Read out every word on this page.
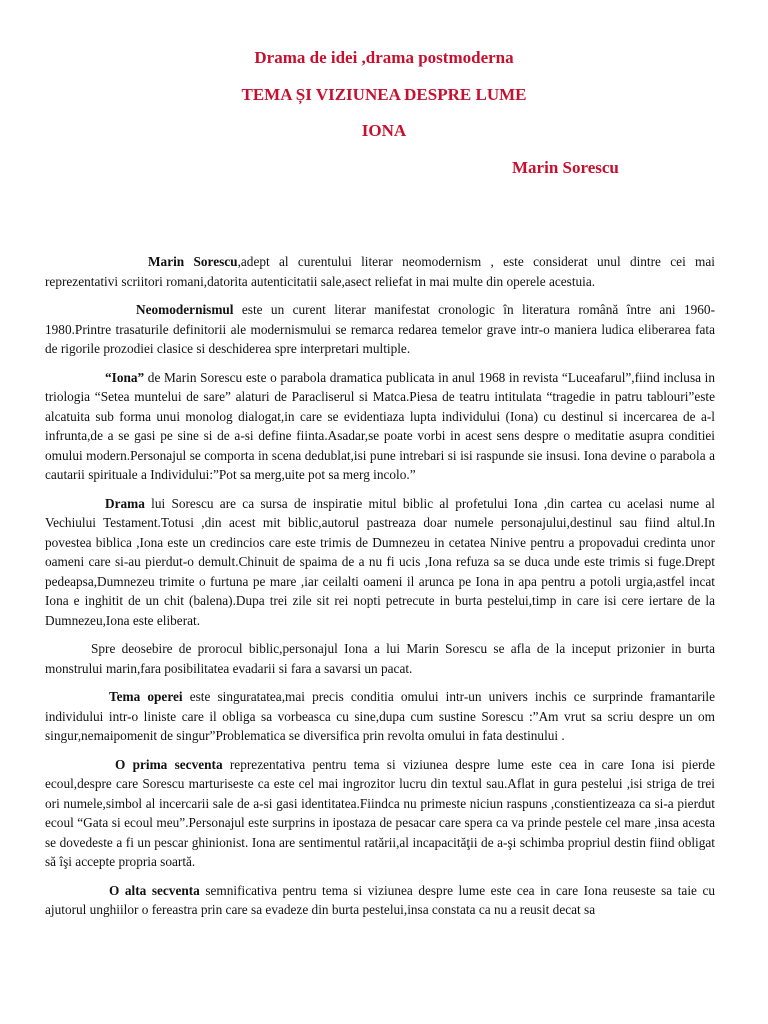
Drama de idei ,drama postmoderna
TEMA ȘI VIZIUNEA DESPRE LUME
IONA
Marin Sorescu

Marin Sorescu,adept al curentului literar neomodernism , este considerat unul dintre cei mai reprezentativi scriitori romani,datorita autenticitatii sale,asect reliefat in mai multe din operele acestuia.

Neomodernismul este un curent literar manifestat cronologic în literatura română între ani 1960-1980.Printre trasaturile definitorii ale modernismului se remarca redarea temelor grave intr-o maniera ludica eliberarea fata de rigorile prozodiei clasice si deschiderea spre interpretari multiple.

“Iona” de Marin Sorescu este o parabola dramatica publicata in anul 1968 in revista “Luceafarul”,fiind inclusa in triologia “Setea muntelui de sare” alaturi de Paracliserul si Matca.Piesa de teatru intitulata “tragedie in patru tablouri”este alcatuita sub forma unui monolog dialogat,in care se evidentiaza lupta individului (Iona) cu destinul si incercarea de a-l infrunta,de a se gasi pe sine si de a-si define fiinta.Asadar,se poate vorbi in acest sens despre o meditatie asupra conditiei omului modern.Personajul se comporta in scena dedublat,isi pune intrebari si isi raspunde sie insusi. Iona devine o parabola a cautarii spirituale a Individului:”Pot sa merg,uite pot sa merg incolo.”

Drama lui Sorescu are ca sursa de inspiratie mitul biblic al profetului Iona ,din cartea cu acelasi nume al Vechiului Testament.Totusi ,din acest mit biblic,autorul pastreaza doar numele personajului,destinul sau fiind altul.In povestea biblica ,Iona este un credincios care este trimis de Dumnezeu in cetatea Ninive pentru a propovadui credinta unor oameni care si-au pierdut-o demult.Chinuit de spaima de a nu fi ucis ,Iona refuza sa se duca unde este trimis si fuge.Drept pedeapsa,Dumnezeu trimite o furtuna pe mare ,iar ceilalti oameni il arunca pe Iona in apa pentru a potoli urgia,astfel incat Iona e inghitit de un chit (balena).Dupa trei zile sit rei nopti petrecute in burta pestelui,timp in care isi cere iertare de la Dumnezeu,Iona este eliberat.

Spre deosebire de prorocul biblic,personajul Iona a lui Marin Sorescu se afla de la inceput prizonier in burta monstrului marin,fara posibilitatea evadarii si fara a savarsi un pacat.

Tema operei este singuratatea,mai precis conditia omului intr-un univers inchis ce surprinde framantarile individului intr-o liniste care il obliga sa vorbeasca cu sine,dupa cum sustine Sorescu :”Am vrut sa scriu despre un om singur,nemaipomenit de singur”Problematica se diversifica prin revolta omului in fata destinului .

O prima secventa reprezentativa pentru tema si viziunea despre lume este cea in care Iona isi pierde ecoul,despre care Sorescu marturiseste ca este cel mai ingrozitor lucru din textul sau.Aflat in gura pestelui ,isi striga de trei ori numele,simbol al incercarii sale de a-si gasi identitatea.Fiindca nu primeste niciun raspuns ,constientizeaza ca si-a pierdut ecoul “Gata si ecoul meu”.Personajul este surprins in ipostaza de pesacar care spera ca va prinde pestele cel mare ,insa acesta se dovedeste a fi un pescar ghinionist. Iona are sentimentul ratării,al incapacităţii de a-şi schimba propriul destin fiind obligat să îşi accepte propria soartă.

O alta secventa semnificativa pentru tema si viziunea despre lume este cea in care Iona reuseste sa taie cu ajutorul unghiilor o fereastra prin care sa evadeze din burta pestelui,insa constata ca nu a reusit decat sa
